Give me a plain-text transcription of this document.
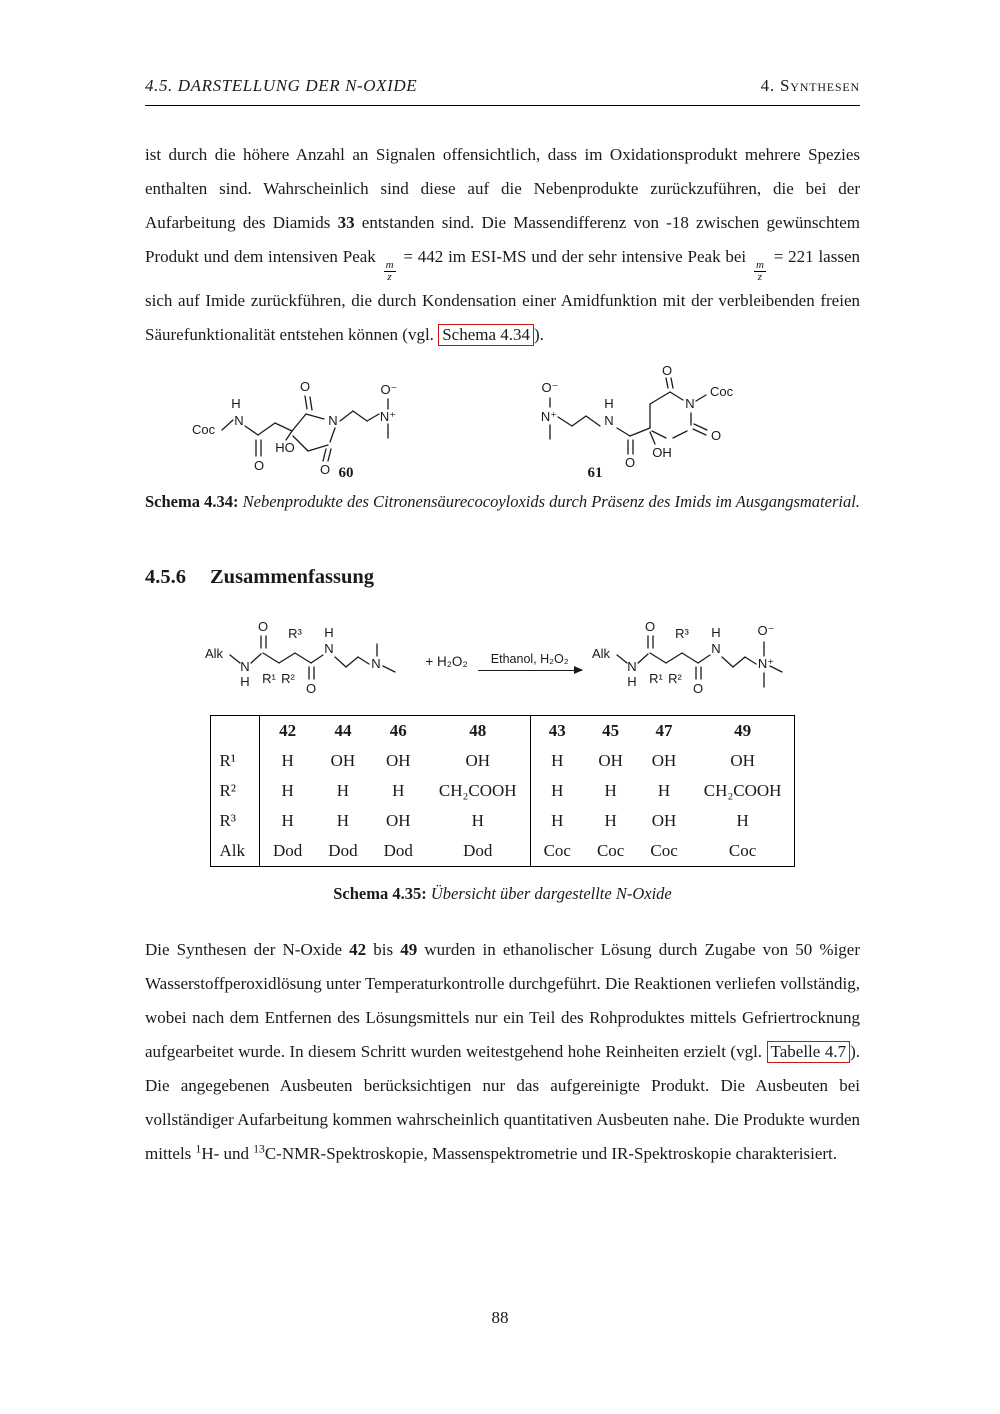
4.5. DARSTELLUNG DER N-OXIDE	4. Synthesen

ist durch die höhere Anzahl an Signalen offensichtlich, dass im Oxidationsprodukt mehrere Spezies enthalten sind. Wahrscheinlich sind diese auf die Nebenprodukte zurückzuführen, die bei der Aufarbeitung des Diamids 33 entstanden sind. Die Massendifferenz von -18 zwischen gewünschtem Produkt und dem intensiven Peak
$\frac{m}{z}$
= 442 im ESI-MS und der sehr intensive Peak bei
$\frac{m}{z}$
= 221 lassen sich auf Imide zurückführen, die durch Kondensation einer Amidfunktion mit der verbleibenden freien Säurefunktionalität entstehen können (vgl. Schema 4.34 ).

Coc
H
N
O
HO
O
N
O
O⁻
N⁺
60
O⁻
N⁺
H
N
O
O
N
Coc
O
OH
61

Schema 4.34: Nebenprodukte des Citronensäurecocoyloxids durch Präsenz des Imids im Ausgangsmaterial.

4.5.6 Zusammenfassung
Alk
N
H
O
R¹ R²
R³
O
N
H
N	+ H₂O₂ Ethanol, H₂O₂ Alk
N
H
O
R¹ R²
R³
O
N
H
N⁺
O⁻
	42	44	46	48	43	45	47	49
R¹	H	OH	OH	OH	H	OH	OH	OH
R²	H	H	H	CH₂COOH	H	H	H	CH₂COOH
R³	H	H	OH	H	H	H	OH	H
Alk	Dod	Dod	Dod	Dod	Coc	Coc	Coc	Coc

Schema 4.35: Übersicht über dargestellte N-Oxide

Die Synthesen der N-Oxide 42 bis 49 wurden in ethanolischer Lösung durch Zugabe von 50 %iger Wasserstoffperoxidlösung unter Temperaturkontrolle durchgeführt. Die Reaktionen verliefen vollständig, wobei nach dem Entfernen des Lösungsmittels nur ein Teil des Rohproduktes mittels Gefriertrocknung aufgearbeitet wurde. In diesem Schritt wurden weitestgehend hohe Reinheiten erzielt (vgl. Tabelle 4.7 ). Die angegebenen Ausbeuten berücksichtigen nur das aufgereinigte Produkt. Die Ausbeuten bei vollständiger Aufarbeitung kommen wahrscheinlich quantitativen Ausbeuten nahe. Die Produkte wurden mittels $^1$H- und $^{13}$C-NMR-Spektroskopie, Massenspektrometrie und IR-Spektroskopie charakterisiert.

88
